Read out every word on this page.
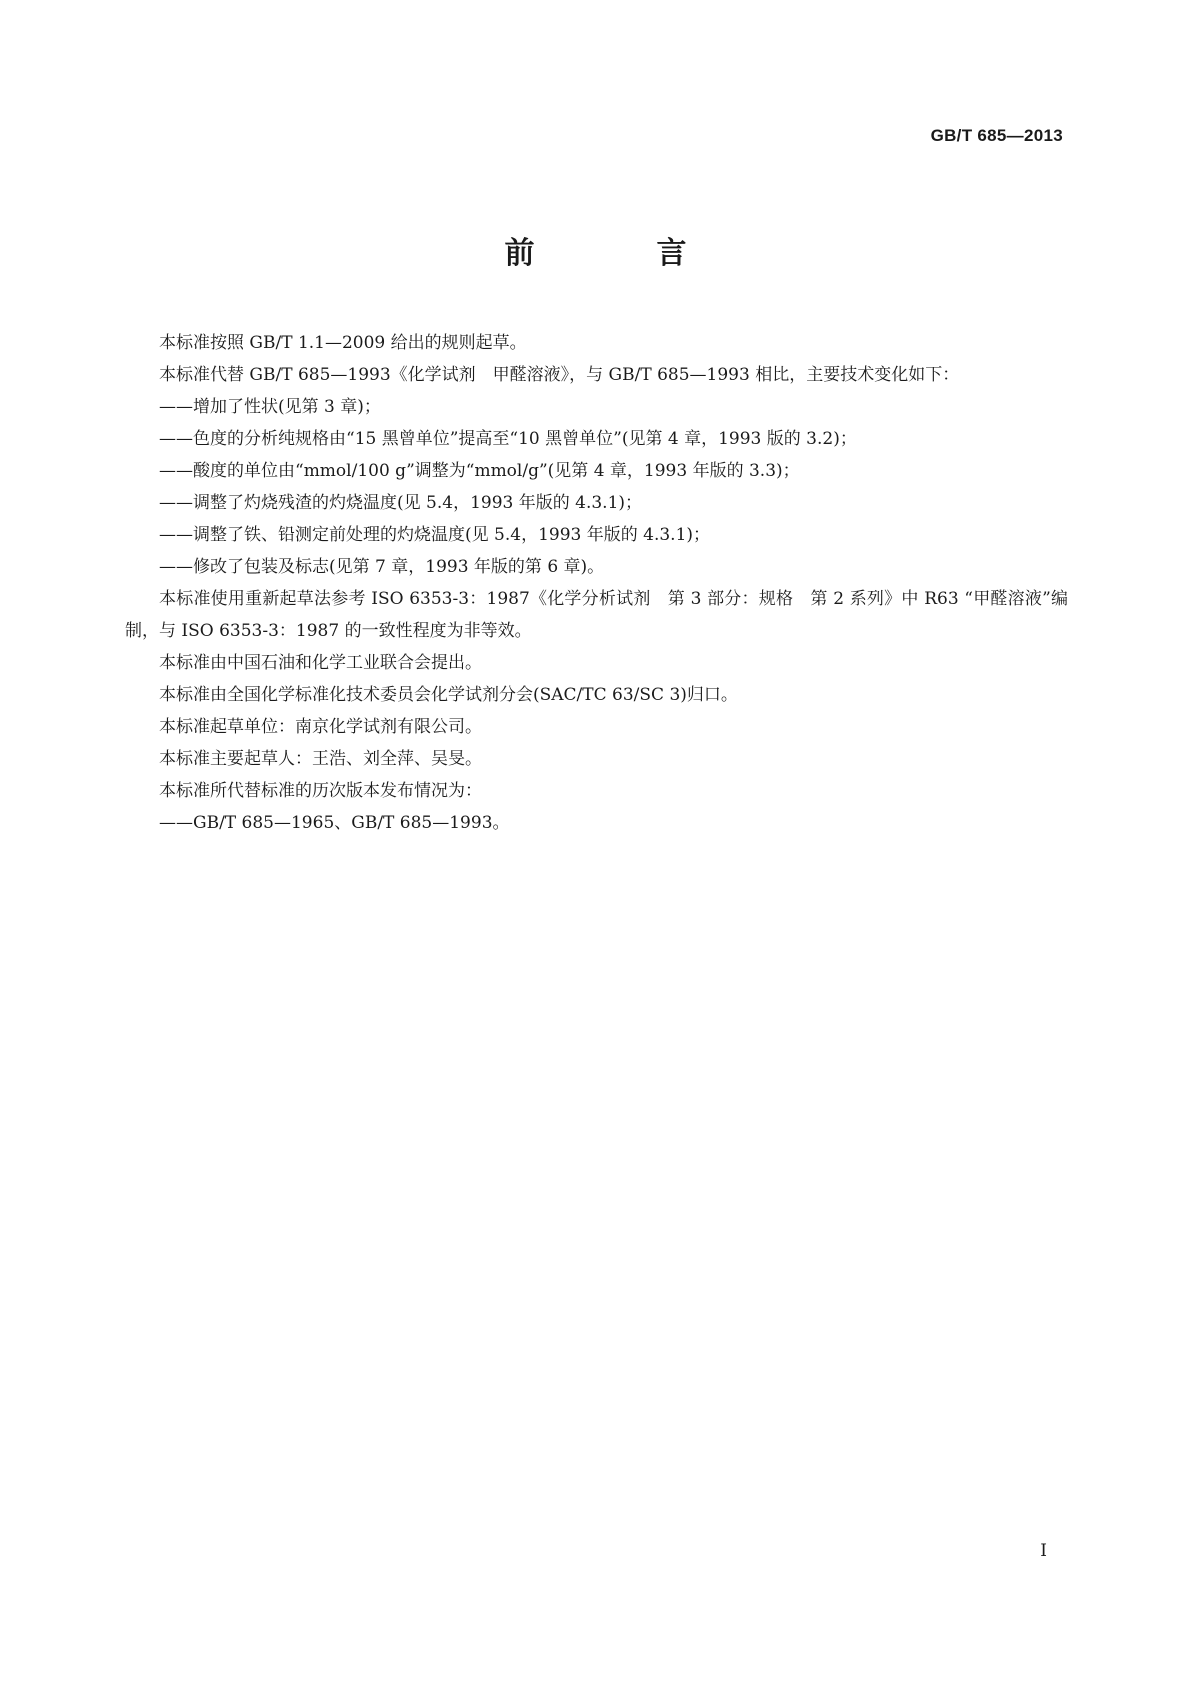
GB/T 685—2013
前　言

本标准按照 GB/T 1.1—2009 给出的规则起草。

本标准代替 GB/T 685—1993《化学试剂　甲醛溶液》，与 GB/T 685—1993 相比，主要技术变化如下：

——增加了性状(见第 3 章)；

——色度的分析纯规格由“15 黑曾单位”提高至“10 黑曾单位”(见第 4 章，1993 版的 3.2)；

——酸度的单位由“mmol/100 g”调整为“mmol/g”(见第 4 章，1993 年版的 3.3)；

——调整了灼烧残渣的灼烧温度(见 5.4，1993 年版的 4.3.1)；

——调整了铁、铅测定前处理的灼烧温度(见 5.4，1993 年版的 4.3.1)；

——修改了包装及标志(见第 7 章，1993 年版的第 6 章)。

本标准使用重新起草法参考 ISO 6353-3：1987《化学分析试剂　第 3 部分：规格　第 2 系列》中 R63 “甲醛溶液”编制，与 ISO 6353-3：1987 的一致性程度为非等效。

本标准由中国石油和化学工业联合会提出。

本标准由全国化学标准化技术委员会化学试剂分会(SAC/TC 63/SC 3)归口。

本标准起草单位：南京化学试剂有限公司。

本标准主要起草人：王浩、刘全萍、吴旻。

本标准所代替标准的历次版本发布情况为：

——GB/T 685—1965、GB/T 685—1993。

I
